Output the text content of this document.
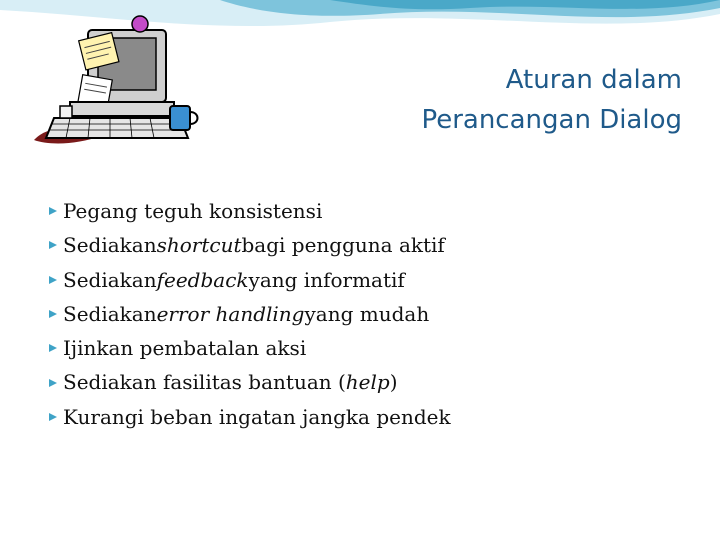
Aturan dalam
Perancangan Dialog
Pegang teguh konsistensi
Sediakan shortcut bagi pengguna aktif
Sediakan feedback yang informatif
Sediakan error handling yang mudah
Ijinkan pembatalan aksi
Sediakan fasilitas bantuan ( help )
Kurangi beban ingatan jangka pendek
